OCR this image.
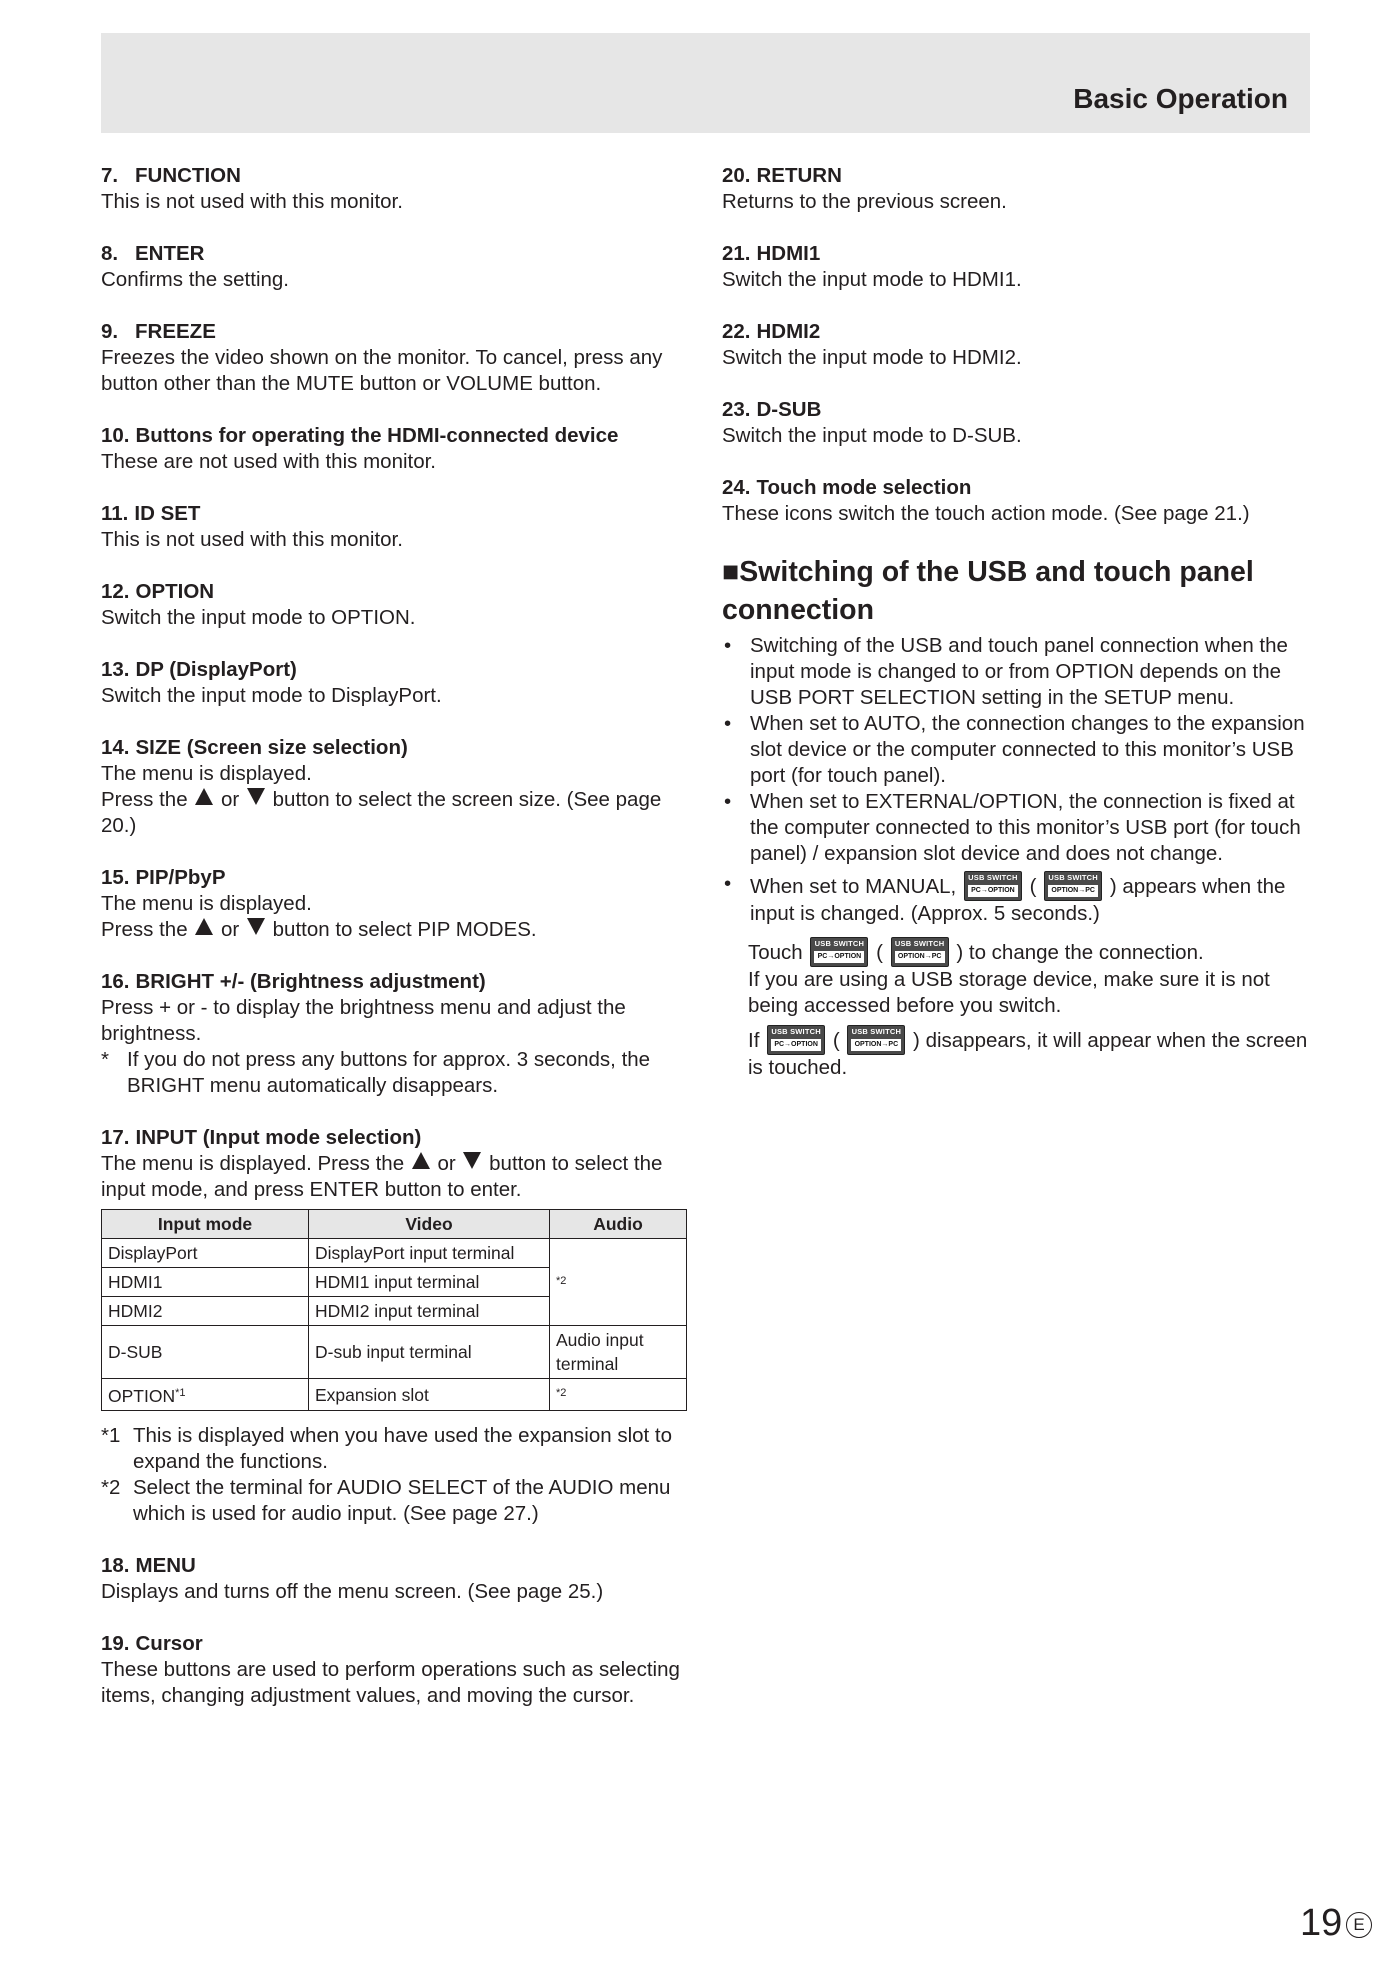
Basic Operation
7. FUNCTION
This is not used with this monitor.
8. ENTER
Confirms the setting.
9. FREEZE
Freezes the video shown on the monitor. To cancel, press any button other than the MUTE button or VOLUME button.
10. Buttons for operating the HDMI-connected device
These are not used with this monitor.
11. ID SET
This is not used with this monitor.
12. OPTION
Switch the input mode to OPTION.
13. DP (DisplayPort)
Switch the input mode to DisplayPort.
14. SIZE (Screen size selection)
The menu is displayed.
Press the or button to select the screen size. (See page 20.)
15. PIP/PbyP
The menu is displayed.
Press the or button to select PIP MODES.
16. BRIGHT +/- (Brightness adjustment)
Press + or - to display the brightness menu and adjust the brightness.
* If you do not press any buttons for approx. 3 seconds, the BRIGHT menu automatically disappears.
17. INPUT (Input mode selection)
The menu is displayed. Press the or button to select the input mode, and press ENTER button to enter.
Input mode	Video	Audio
DisplayPort	DisplayPort input terminal	$^{*2}$
HDMI1	HDMI1 input terminal	
HDMI2	HDMI2 input terminal	
D-SUB	D-sub input terminal	Audio input terminal
OPTION$^{*1}$	Expansion slot	$^{*2}$
*1 This is displayed when you have used the expansion slot to expand the functions.
*2 Select the terminal for AUDIO SELECT of the AUDIO menu which is used for audio input. (See page 27.)
18. MENU
Displays and turns off the menu screen. (See page 25.)
19. Cursor
These buttons are used to perform operations such as selecting items, changing adjustment values, and moving the cursor.
20. RETURN
Returns to the previous screen.
21. HDMI1
Switch the input mode to HDMI1.
22. HDMI2
Switch the input mode to HDMI2.
23. D-SUB
Switch the input mode to D-SUB.
24. Touch mode selection
These icons switch the touch action mode. (See page 21.)
■Switching of the USB and touch panel connection
• Switching of the USB and touch panel connection when the input mode is changed to or from OPTION depends on the USB PORT SELECTION setting in the SETUP menu.
• When set to AUTO, the connection changes to the expansion slot device or the computer connected to this monitor’s USB port (for touch panel).
• When set to EXTERNAL/OPTION, the connection is fixed at the computer connected to this monitor’s USB port (for touch panel) / expansion slot device and does not change.
• When set to MANUAL,	USB SWITCH
PC→OPTION (	USB SWITCH
OPTION→PC ) appears when the input is changed. (Approx. 5 seconds.)
Touch	USB SWITCH
PC→OPTION (	USB SWITCH
OPTION→PC ) to change the connection.
If you are using a USB storage device, make sure it is not being accessed before you switch.
If	USB SWITCH
PC→OPTION (	USB SWITCH
OPTION→PC ) disappears, it will appear when the screen is touched.
19 E
